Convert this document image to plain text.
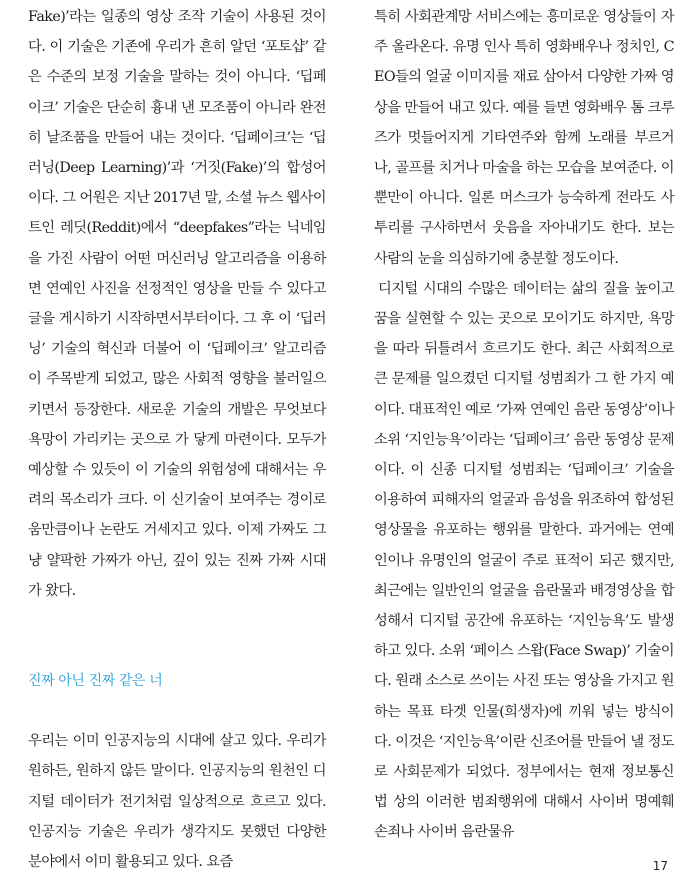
Fake)’라는 일종의 영상 조작 기술이 사용된 것이다. 이 기술은 기존에 우리가 흔히 알던 ‘포토샵’ 같은 수준의 보정 기술을 말하는 것이 아니다. ‘딥페이크’ 기술은 단순히 흉내 낸 모조품이 아니라 완전히 날조품을 만들어 내는 것이다. ‘딥페이크’는 ‘딥러닝(Deep Learning)’과 ‘거짓(Fake)’의 합성어이다. 그 어원은 지난 2017년 말, 소셜 뉴스 웹사이트인 레딧(Reddit)에서 “deepfakes”라는 닉네임을 가진 사람이 어떤 머신러닝 알고리즘을 이용하면 연예인 사진을 선정적인 영상을 만들 수 있다고 글을 게시하기 시작하면서부터이다. 그 후 이 ‘딥러닝’ 기술의 혁신과 더불어 이 ‘딥페이크’ 알고리즘이 주목받게 되었고, 많은 사회적 영향을 불러일으키면서 등장한다. 새로운 기술의 개발은 무엇보다 욕망이 가리키는 곳으로 가 닿게 마련이다. 모두가 예상할 수 있듯이 이 기술의 위험성에 대해서는 우려의 목소리가 크다. 이 신기술이 보여주는 경이로움만큼이나 논란도 거세지고 있다. 이제 가짜도 그냥 얄팍한 가짜가 아닌, 깊이 있는 진짜 가짜 시대가 왔다.

진짜 아닌 진짜 같은 너

우리는 이미 인공지능의 시대에 살고 있다. 우리가 원하든, 원하지 않든 말이다. 인공지능의 원천인 디지털 데이터가 전기처럼 일상적으로 흐르고 있다. 인공지능 기술은 우리가 생각지도 못했던 다양한 분야에서 이미 활용되고 있다. 요즘

특히 사회관계망 서비스에는 흥미로운 영상들이 자주 올라온다. 유명 인사 특히 영화배우나 정치인, CEO들의 얼굴 이미지를 재료 삼아서 다양한 가짜 영상을 만들어 내고 있다. 예를 들면 영화배우 톰 크루즈가 멋들어지게 기타연주와 함께 노래를 부르거나, 골프를 치거나 마술을 하는 모습을 보여준다. 이뿐만이 아니다. 일론 머스크가 능숙하게 전라도 사투리를 구사하면서 웃음을 자아내기도 한다. 보는 사람의 눈을 의심하기에 충분할 정도이다.

디지털 시대의 수많은 데이터는 삶의 질을 높이고 꿈을 실현할 수 있는 곳으로 모이기도 하지만, 욕망을 따라 뒤틀려서 흐르기도 한다. 최근 사회적으로 큰 문제를 일으켰던 디지털 성범죄가 그 한 가지 예이다. 대표적인 예로 ‘가짜 연예인 음란 동영상’이나 소위 ‘지인능욕’이라는 ‘딥페이크’ 음란 동영상 문제이다. 이 신종 디지털 성범죄는 ‘딥페이크’ 기술을 이용하여 피해자의 얼굴과 음성을 위조하여 합성된 영상물을 유포하는 행위를 말한다. 과거에는 연예인이나 유명인의 얼굴이 주로 표적이 되곤 했지만, 최근에는 일반인의 얼굴을 음란물과 배경영상을 합성해서 디지털 공간에 유포하는 ‘지인능욕’도 발생하고 있다. 소위 ‘페이스 스왑(Face Swap)’ 기술이다. 원래 소스로 쓰이는 사진 또는 영상을 가지고 원하는 목표 타겟 인물(희생자)에 끼워 넣는 방식이다. 이것은 ‘지인능욕’이란 신조어를 만들어 낼 정도로 사회문제가 되었다. 정부에서는 현재 정보통신법 상의 이러한 범죄행위에 대해서 사이버 명예훼손죄나 사이버 음란물유

17
